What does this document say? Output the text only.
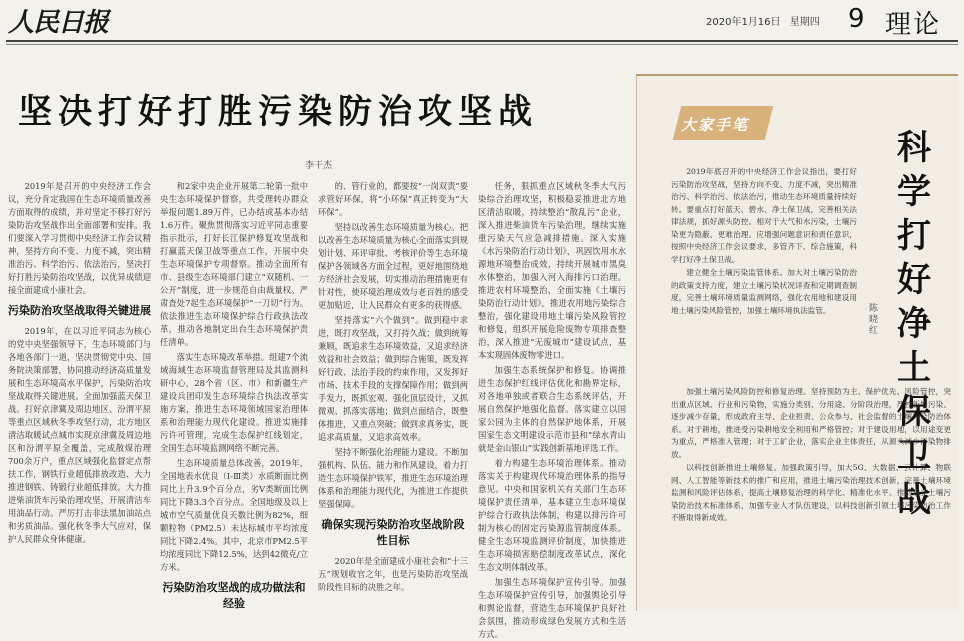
人民日报	2020年1月16日 星期四 9 理论
坚决打好打胜污染防治攻坚战
李干杰

2019年是召开的中央经济工作会议，充分肯定我国在生态环境质量改善方面取得的成绩，并对坚定不移打好污染防治攻坚战作出全面部署和安排。我们要深入学习贯彻中央经济工作会议精神，坚持方向不变、力度不减，突出精准治污、科学治污、依法治污，坚决打好打胜污染防治攻坚战，以优异成绩迎接全面建成小康社会。

污染防治攻坚战取得关键进展

2019年，在以习近平同志为核心的党中央坚强领导下，生态环境部门与各地各部门一道，坚决贯彻党中央、国务院决策部署，协同推动经济高质量发展和生态环境高水平保护，污染防治攻坚战取得关键进展。全面加强蓝天保卫战。打好京津冀及周边地区、汾渭平原等重点区域秋冬季攻坚行动，北方地区清洁取暖试点城市实现京津冀及周边地区和汾渭平原全覆盖，完成散煤治理700余万户，重点区域强化监督定点帮扶工作，钢铁行业超低排放改造、大力推进钢铁、铸锻行业超低排放。大力推进柴油货车污染治理攻坚，开展清洁车用油品行动。严厉打击非法黑加油站点和劣质油品。强化秋冬季大气应对，保护人民群众身体健康。

和2家中央企业开展第二轮第一批中央生态环境保护督察，共受理转办群众举报问题1.89万件，已办结或基本办结1.6万件。聚焦贯彻落实习近平同志重要指示批示，打好长江保护修复攻坚战和打赢蓝天保卫战等重点工作，开展中央生态环境保护专项督察。推动全面所有市、县级生态环境部门建立“双随机、一公开”制度，进一步规范自由裁量权。严肃查处7起生态环境保护“一刀切”行为。依法推进生态环境保护综合行政执法改革，推动各地制定出台生态环境保护责任清单。

落实生态环境改革举措。组建7个流域海域生态环境监督管理局及其监测科研中心，28个省（区、市）和新疆生产建设兵团印发生态环境综合执法改革实施方案，推进生态环境领域国家治理体系和治理能力现代化建设。推进实施排污许可管理，完成生态保护红线划定，全国生态环境监测网络不断完善。

生态环境质量总体改善，2019年，全国地表水优良（Ⅰ-Ⅲ类）水质断面比例同比上升3.9个百分点，劣Ⅴ类断面比例同比下降3.3个百分点。全国地级及以上城市空气质量优良天数比例为82%，细颗粒物（PM2.5）未达标城市平均浓度同比下降2.4%。其中，北京市PM2.5平均浓度同比下降12.5%，达到42微克/立方米。

污染防治攻坚战的成功做法和经验

的、管行业的，都要按“一岗双责”要求管好环保，将“小环保”真正转变为“大环保”。

坚持以改善生态环境质量为核心。把以改善生态环境质量为核心全面落实到规划计划、环评审批、考核评价等生态环境保护各领域各方面全过程，更好地围绕地方经济社会发展，切实推动治理措施更有针对性，使环境治理成效与老百姓的感受更加贴近，让人民群众有更多的获得感。

坚持落实“六个做到”。做到稳中求进，既打攻坚战，又打持久战；做到统筹兼顾，既追求生态环境效益，又追求经济效益和社会效益；做到综合施策，既发挥好行政、法治手段的约束作用，又发挥好市场、技术手段的支撑保障作用；做到两手发力，既抓宏观、强化顶层设计，又抓微观、抓落实落地；做到点面结合，既整体推进，又重点突破；做到求真务实，既追求高质量，又追求高效率。

坚持不断强化治理能力建设。不断加强机构、队伍、能力和作风建设，着力打造生态环境保护铁军，推进生态环境治理体系和治理能力现代化，为推进工作提供坚强保障。

确保实现污染防治攻坚战阶段性目标

2020年是全面建成小康社会和“十三五”规划收官之年，也是污染防治攻坚战阶段性目标的决胜之年。

任务，狠抓重点区域秋冬季大气污染综合治理攻坚，积极稳妥推进北方地区清洁取暖，持续整治“散乱污”企业，深入推进柴油货车污染治理，继续实施重污染天气应急减排措施。深入实施《水污染防治行动计划》，巩固饮用水水源地环境整治成效，持续开展城市黑臭水体整治，加强入河入海排污口治理。推进农村环境整治，全面实施《土壤污染防治行动计划》，推进农用地污染综合整治，强化建设用地土壤污染风险管控和修复，组织开展危险废物专项排查整治，深入推进“无废城市”建设试点，基本实现固体废物零进口。

加强生态系统保护和修复。协调推进生态保护红线评估优化和勘界定标，对各地单独或者联合生态系统评估，开展自然保护地强化监督。落实建立以国家公园为主体的自然保护地体系，开展国家生态文明建设示范市县和“绿水青山就是金山银山”实践创新基地评选工作。

着力构建生态环境治理体系。推动落实关于构建现代环境治理体系的指导意见。中央和国家机关有关部门生态环境保护责任清单，基本建立生态环境保护综合行政执法体制，构建以排污许可制为核心的固定污染源监管制度体系。健全生态环境监测评价制度，加快推进生态环境损害赔偿制度改革试点，深化生态文明体制改革。

加强生态环境保护宣传引导。加强生态环境保护宣传引导，加强舆论引导和舆论监督，营造生态环境保护良好社会氛围，推动形成绿色发展方式和生活方式。

大家手笔
科学打好净土保卫战
陈晓红

2019年底召开的中央经济工作会议指出，要打好污染防治攻坚战，坚持方向不变、力度不减，突出精准治污、科学治污、依法治污，推动生态环境质量持续好转。要重点打好蓝天、碧水、净土保卫战，完善相关法律法规，抓好源头防控。相对于大气和水污染，土壤污染更为隐蔽、更难治理。应增强问题意识和责任意识，按照中央经济工作会议要求，多管齐下、综合施策，科学打好净土保卫战。

建立健全土壤污染监管体系。加大对土壤污染防治的政策支持力度，建立土壤污染状况详查和定期调查制度，完善土壤环境质量监测网络，强化农用地和建设用地土壤污染风险管控，加强土壤环境执法监管。

加强土壤污染风险防控和修复治理。坚持预防为主、保护优先、风险管控，突出重点区域、行业和污染物，实施分类别、分用途、分阶段治理，严控新增污染、逐步减少存量，形成政府主导、企业担责、公众参与、社会监督的土壤污染防治体系。对于耕地，推进受污染耕地安全利用和严格管控；对于建设用地，以用途变更为重点，严格准入管理；对于工矿企业，落实企业主体责任，从源头减少污染物排放。

以科技创新推进土壤修复。加强政策引导，加大5G、大数据、云计算、物联网、人工智能等新技术的推广和应用，推进土壤污染治理技术创新，完善土壤环境监测和风险评估体系，提高土壤修复治理的科学化、精准化水平。推动建立土壤污染防治技术标准体系，加强专业人才队伍建设，以科技创新引领土壤污染防治工作不断取得新成效。
